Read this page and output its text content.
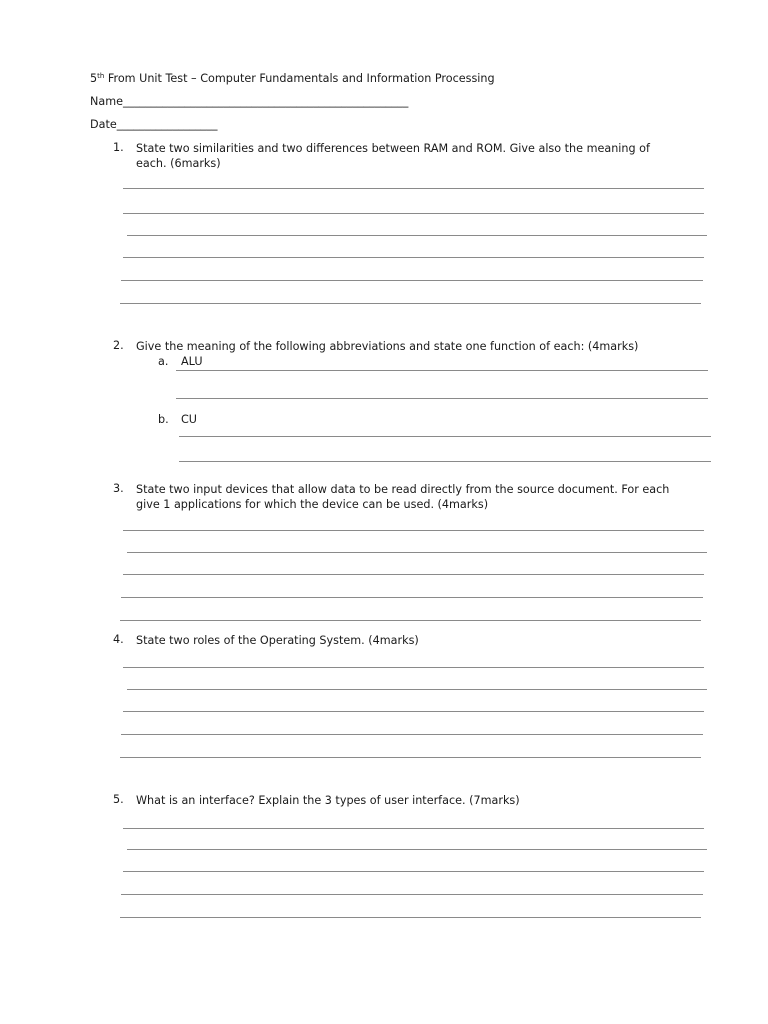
5th From Unit Test – Computer Fundamentals and Information Processing
Name___________________________________________________
Date__________________
1. State two similarities and two differences between RAM and ROM. Give also the meaning of
each. (6marks)
2. Give the meaning of the following abbreviations and state one function of each: (4marks)
a. ALU
b. CU
3. State two input devices that allow data to be read directly from the source document. For each
give 1 applications for which the device can be used. (4marks)
4. State two roles of the Operating System. (4marks)
5. What is an interface? Explain the 3 types of user interface. (7marks)
